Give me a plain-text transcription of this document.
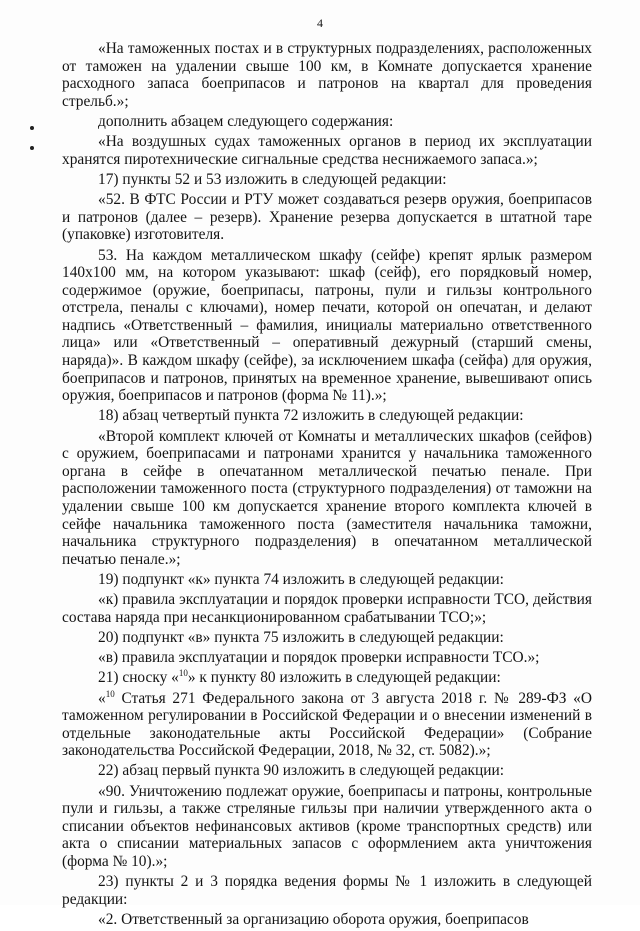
4

«На таможенных постах и в структурных подразделениях, расположенных от таможен на удалении свыше 100 км, в Комнате допускается хранение расходного запаса боеприпасов и патронов на квартал для проведения стрельб.»;

дополнить абзацем следующего содержания:

«На воздушных судах таможенных органов в период их эксплуатации хранятся пиротехнические сигнальные средства неснижаемого запаса.»;

17) пункты 52 и 53 изложить в следующей редакции:

«52. В ФТС России и РТУ может создаваться резерв оружия, боеприпасов и патронов (далее – резерв). Хранение резерва допускается в штатной таре (упаковке) изготовителя.

53. На каждом металлическом шкафу (сейфе) крепят ярлык размером 140x100 мм, на котором указывают: шкаф (сейф), его порядковый номер, содержимое (оружие, боеприпасы, патроны, пули и гильзы контрольного отстрела, пеналы с ключами), номер печати, которой он опечатан, и делают надпись «Ответственный – фамилия, инициалы материально ответственного лица» или «Ответственный – оперативный дежурный (старший смены, наряда)». В каждом шкафу (сейфе), за исключением шкафа (сейфа) для оружия, боеприпасов и патронов, принятых на временное хранение, вывешивают опись оружия, боеприпасов и патронов (форма № 11).»;

18) абзац четвертый пункта 72 изложить в следующей редакции:

«Второй комплект ключей от Комнаты и металлических шкафов (сейфов) с оружием, боеприпасами и патронами хранится у начальника таможенного органа в сейфе в опечатанном металлической печатью пенале. При расположении таможенного поста (структурного подразделения) от таможни на удалении свыше 100 км допускается хранение второго комплекта ключей в сейфе начальника таможенного поста (заместителя начальника таможни, начальника структурного подразделения) в опечатанном металлической печатью пенале.»;

19) подпункт «к» пункта 74 изложить в следующей редакции:

«к) правила эксплуатации и порядок проверки исправности ТСО, действия состава наряда при несанкционированном срабатывании ТСО;»;

20) подпункт «в» пункта 75 изложить в следующей редакции:

«в) правила эксплуатации и порядок проверки исправности ТСО.»;

21) сноску «$^{10}$» к пункту 80 изложить в следующей редакции:

«$^{10}$ Статья 271 Федерального закона от 3 августа 2018 г. № 289-ФЗ «О таможенном регулировании в Российской Федерации и о внесении изменений в отдельные законодательные акты Российской Федерации» (Собрание законодательства Российской Федерации, 2018, № 32, ст. 5082).»;

22) абзац первый пункта 90 изложить в следующей редакции:

«90. Уничтожению подлежат оружие, боеприпасы и патроны, контрольные пули и гильзы, а также стреляные гильзы при наличии утвержденного акта о списании объектов нефинансовых активов (кроме транспортных средств) или акта о списании материальных запасов с оформлением акта уничтожения (форма № 10).»;

23) пункты 2 и 3 порядка ведения формы № 1 изложить в следующей редакции:

«2. Ответственный за организацию оборота оружия, боеприпасов
